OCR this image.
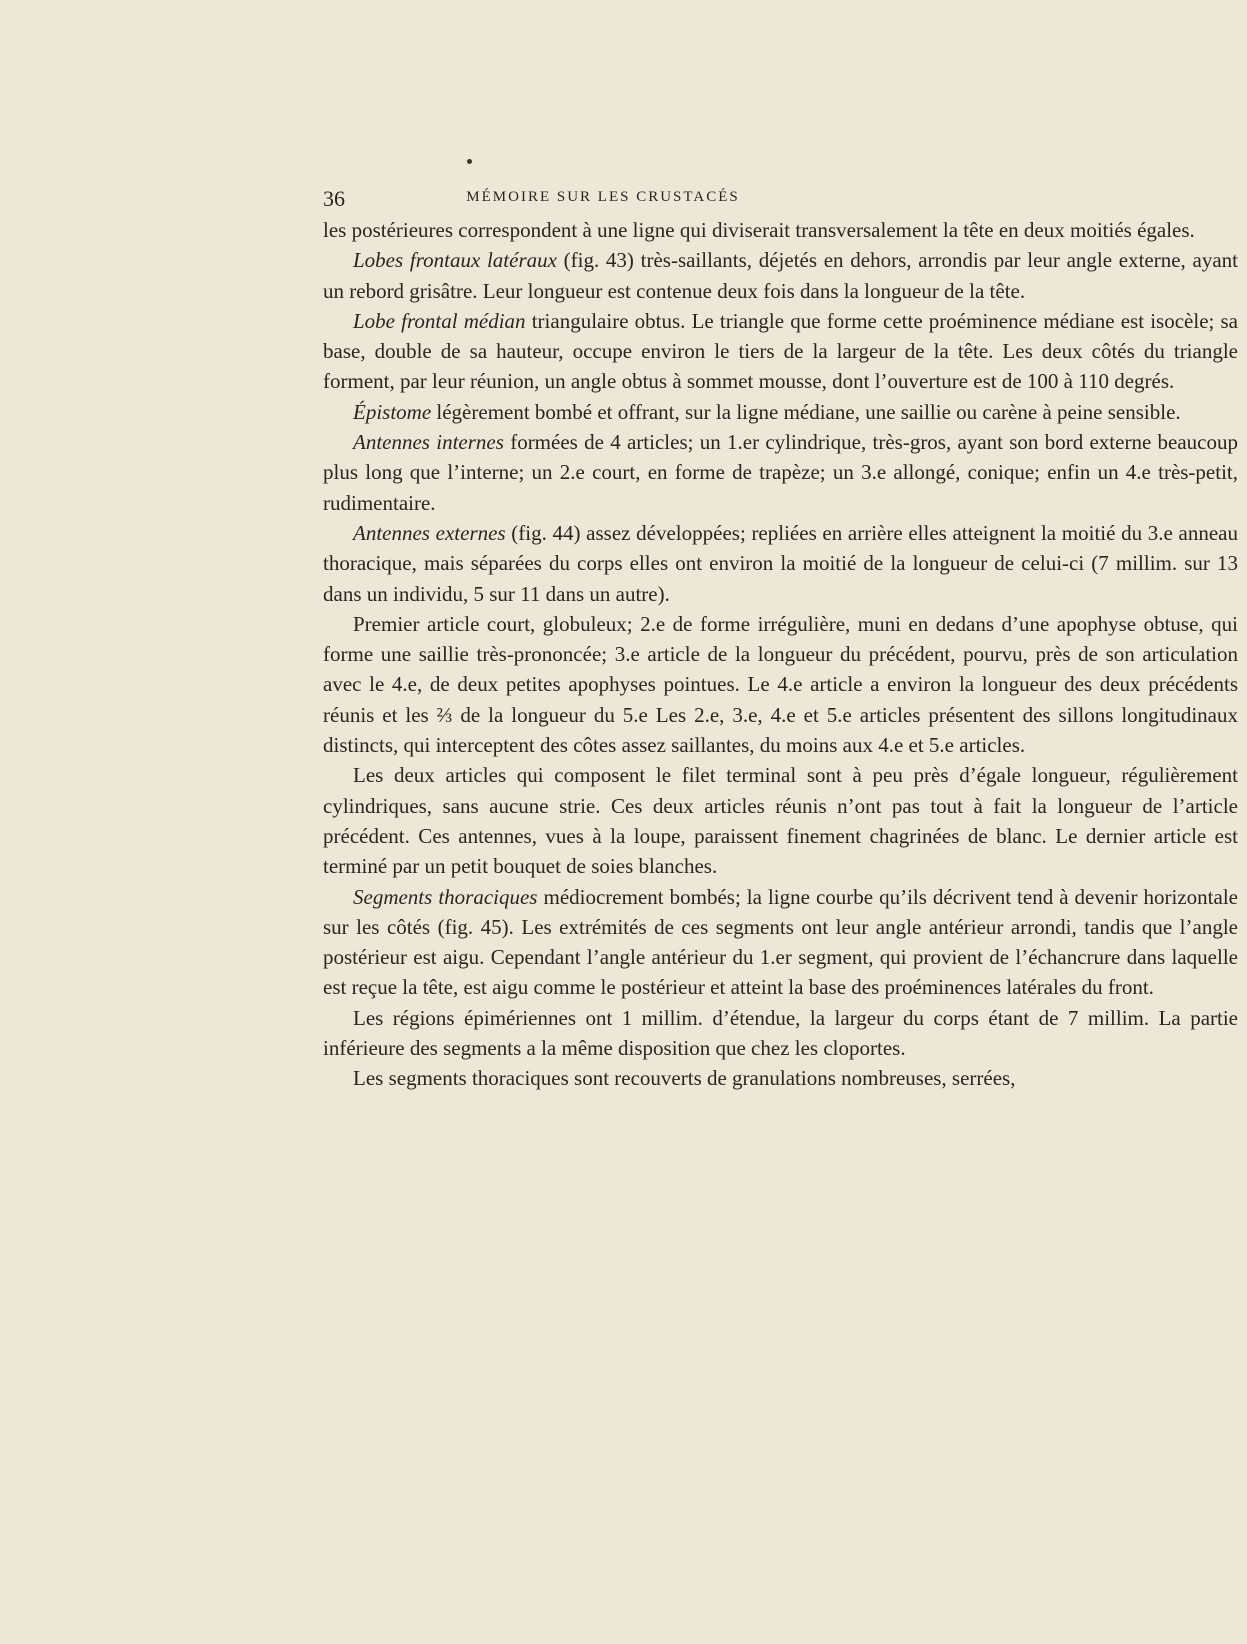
36	MÉMOIRE SUR LES CRUSTACÉS

les postérieures correspondent à une ligne qui diviserait transversalement la tête en deux moitiés égales.

Lobes frontaux latéraux (fig. 43) très-saillants, déjetés en dehors, arrondis par leur angle externe, ayant un rebord grisâtre. Leur longueur est contenue deux fois dans la longueur de la tête.

Lobe frontal médian triangulaire obtus. Le triangle que forme cette proéminence médiane est isocèle; sa base, double de sa hauteur, occupe environ le tiers de la largeur de la tête. Les deux côtés du triangle forment, par leur réunion, un angle obtus à sommet mousse, dont l’ouverture est de 100 à 110 degrés.

Épistome légèrement bombé et offrant, sur la ligne médiane, une saillie ou carène à peine sensible.

Antennes internes formées de 4 articles; un 1.er cylindrique, très-gros, ayant son bord externe beaucoup plus long que l’interne; un 2.e court, en forme de trapèze; un 3.e allongé, conique; enfin un 4.e très-petit, rudimentaire.

Antennes externes (fig. 44) assez développées; repliées en arrière elles atteignent la moitié du 3.e anneau thoracique, mais séparées du corps elles ont environ la moitié de la longueur de celui-ci (7 millim. sur 13 dans un individu, 5 sur 11 dans un autre).

Premier article court, globuleux; 2.e de forme irrégulière, muni en dedans d’une apophyse obtuse, qui forme une saillie très-prononcée; 3.e article de la longueur du précédent, pourvu, près de son articulation avec le 4.e, de deux petites apophyses pointues. Le 4.e article a environ la longueur des deux précédents réunis et les ⅔ de la longueur du 5.e Les 2.e, 3.e, 4.e et 5.e articles présentent des sillons longitudinaux distincts, qui interceptent des côtes assez saillantes, du moins aux 4.e et 5.e articles.

Les deux articles qui composent le filet terminal sont à peu près d’égale longueur, régulièrement cylindriques, sans aucune strie. Ces deux articles réunis n’ont pas tout à fait la longueur de l’article précédent. Ces antennes, vues à la loupe, paraissent finement chagrinées de blanc. Le dernier article est terminé par un petit bouquet de soies blanches.

Segments thoraciques médiocrement bombés; la ligne courbe qu’ils décrivent tend à devenir horizontale sur les côtés (fig. 45). Les extrémités de ces segments ont leur angle antérieur arrondi, tandis que l’angle postérieur est aigu. Cependant l’angle antérieur du 1.er segment, qui provient de l’échancrure dans laquelle est reçue la tête, est aigu comme le postérieur et atteint la base des proéminences latérales du front.

Les régions épimériennes ont 1 millim. d’étendue, la largeur du corps étant de 7 millim. La partie inférieure des segments a la même disposition que chez les cloportes.

Les segments thoraciques sont recouverts de granulations nombreuses, serrées,
